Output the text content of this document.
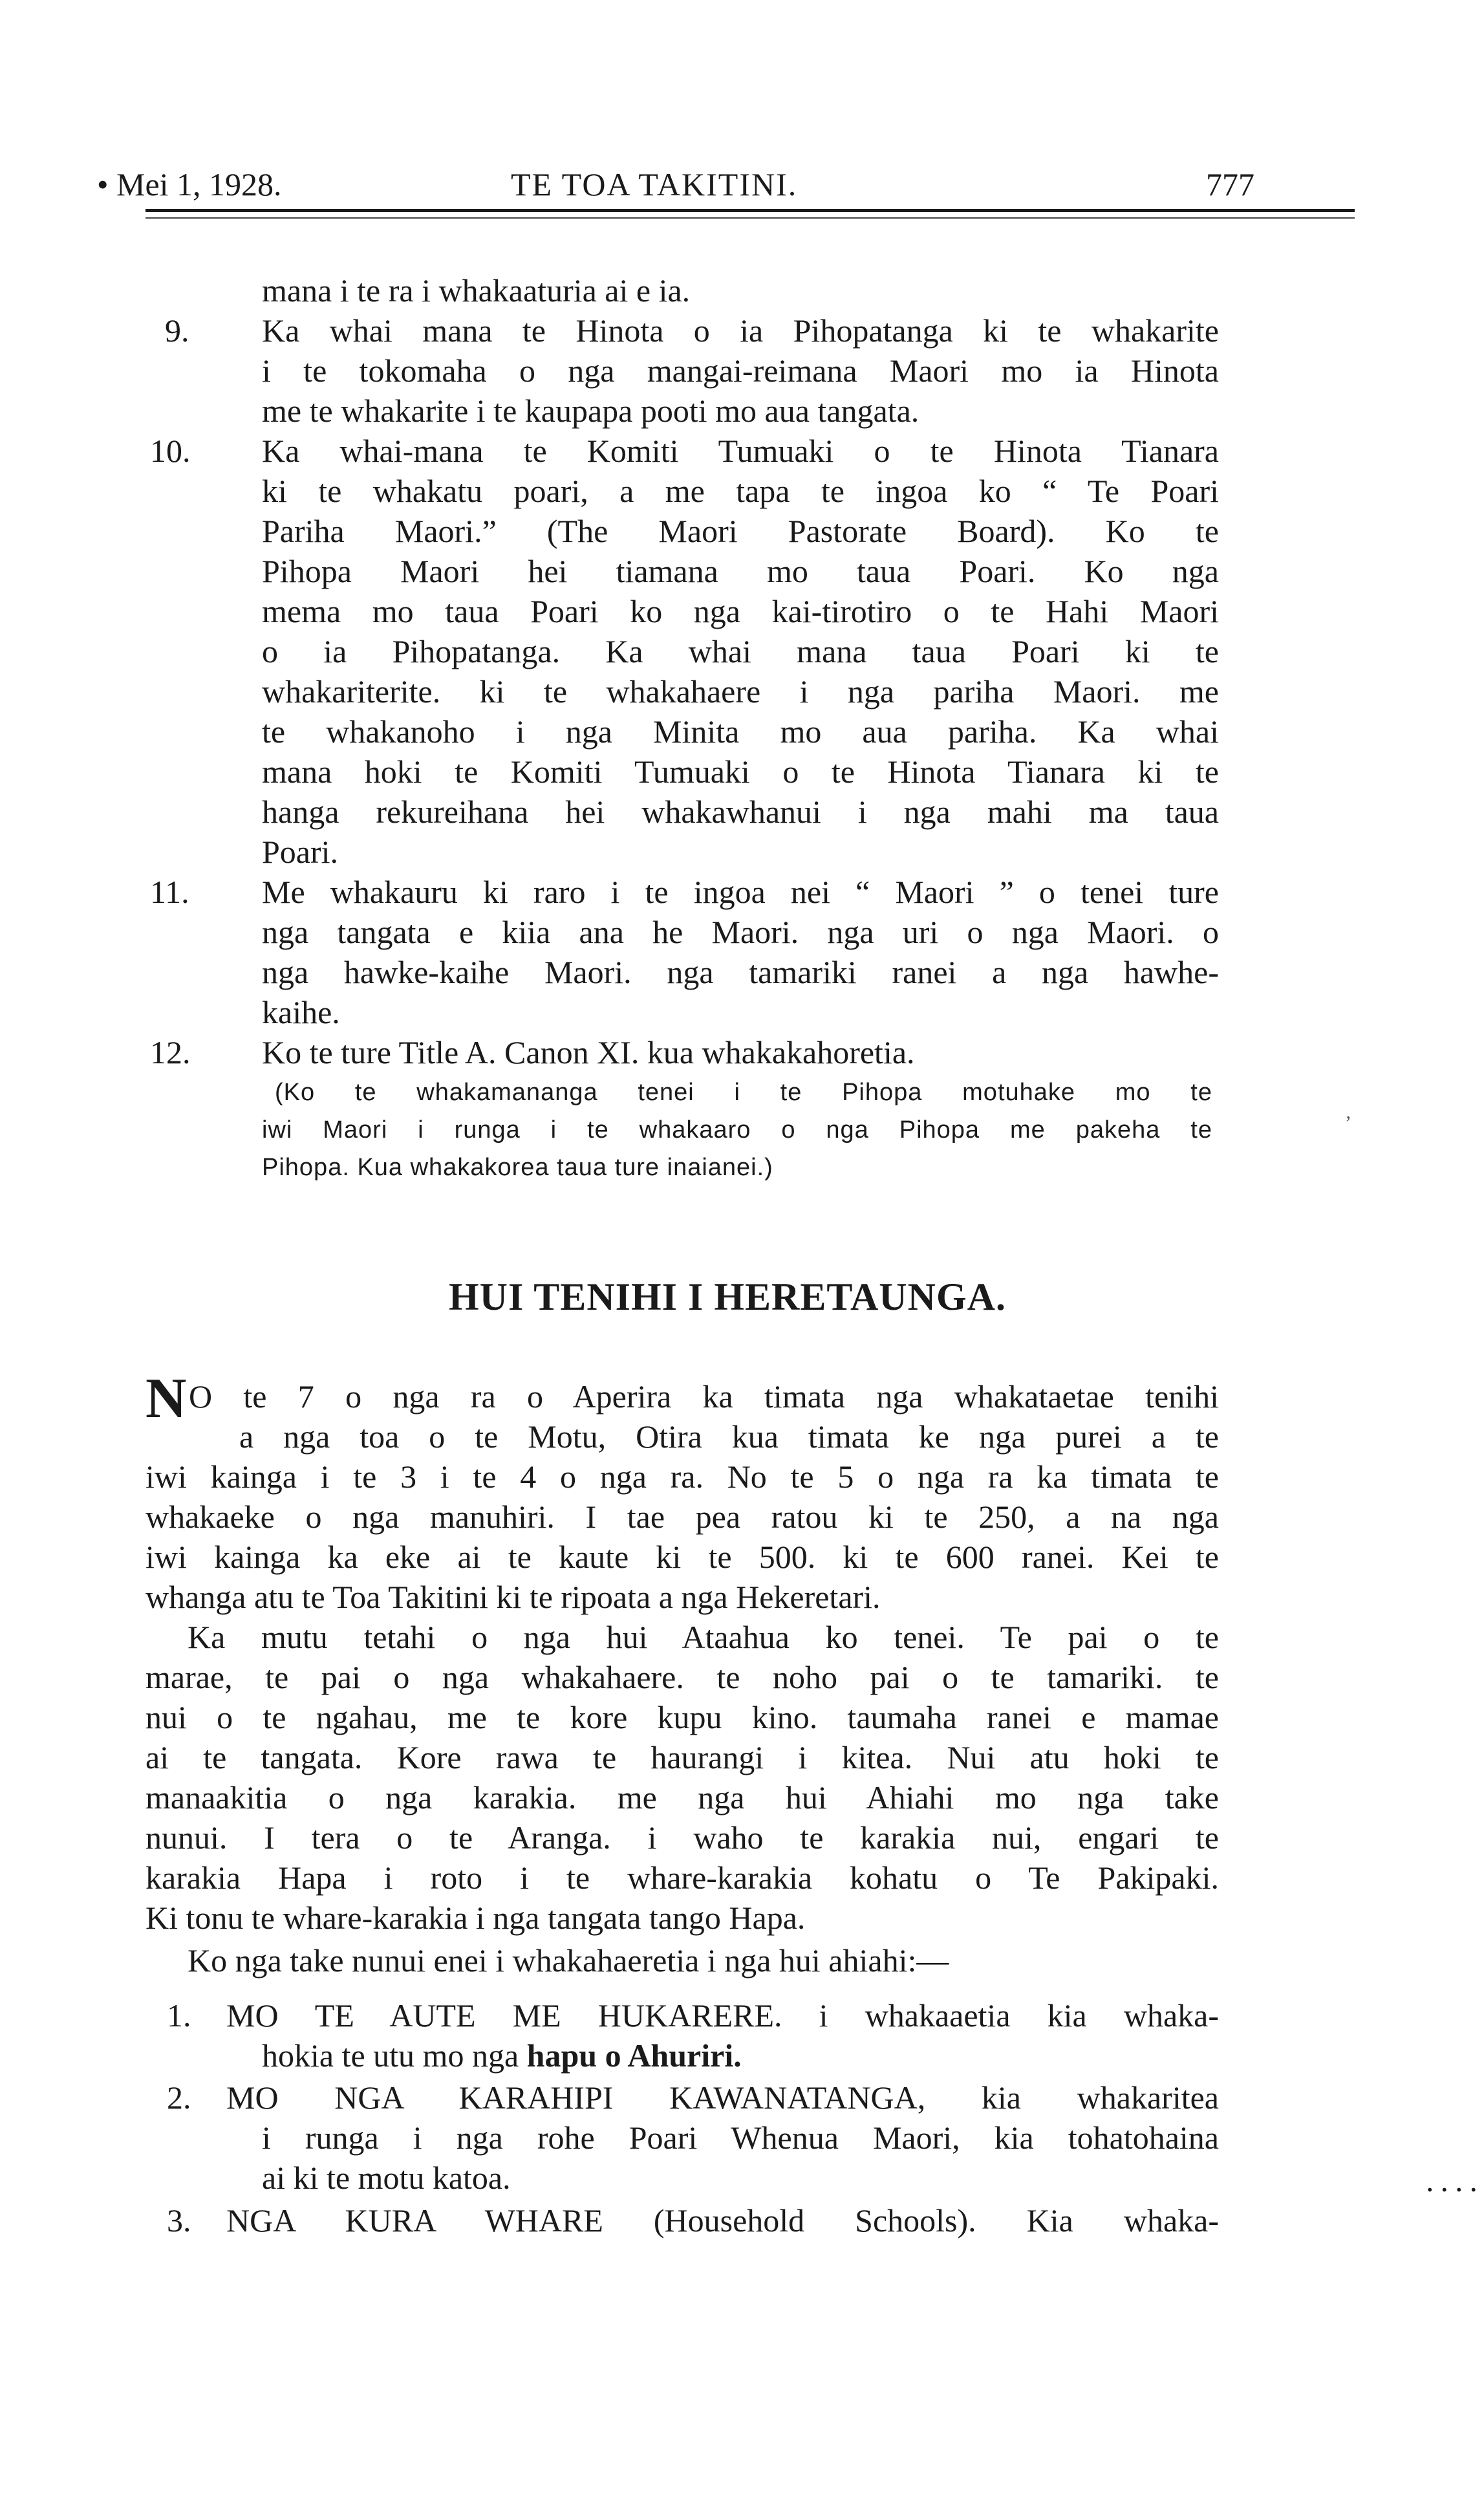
• Mei 1, 1928.	TE TOA TAKITINI.	777
mana i te ra i whakaaturia ai e ia.
9. Ka whai mana te Hinota o ia Pihopatanga ki te whakarite
i te tokomaha o nga mangai-reimana Maori mo ia Hinota
me te whakarite i te kaupapa pooti mo aua tangata.
10. Ka whai-mana te Komiti Tumuaki o te Hinota Tianara
ki te whakatu poari, a me tapa te ingoa ko “ Te Poari
Pariha Maori.” (The Maori Pastorate Board). Ko te
Pihopa Maori hei tiamana mo taua Poari. Ko nga
mema mo taua Poari ko nga kai-tirotiro o te Hahi Maori
o ia Pihopatanga. Ka whai mana taua Poari ki te
whakariterite. ki te whakahaere i nga pariha Maori. me
te whakanoho i nga Minita mo aua pariha. Ka whai
mana hoki te Komiti Tumuaki o te Hinota Tianara ki te
hanga rekureihana hei whakawhanui i nga mahi ma taua
Poari.
11. Me whakauru ki raro i te ingoa nei “ Maori ” o tenei ture
nga tangata e kiia ana he Maori. nga uri o nga Maori. o
nga hawke-kaihe Maori. nga tamariki ranei a nga hawhe-
kaihe.
12. Ko te ture Title A. Canon XI. kua whakakahoretia.
(Ko te whakamananga tenei i te Pihopa motuhake mo te
iwi Maori i runga i te whakaaro o nga Pihopa me pakeha te
Pihopa. Kua whakakorea taua ture inaianei.)
ʼ
HUI TENIHI I HERETAUNGA.
N O te 7 o nga ra o Aperira ka timata nga whakataetae tenihi
a nga toa o te Motu, Otira kua timata ke nga purei a te
iwi kainga i te 3 i te 4 o nga ra. No te 5 o nga ra ka timata te
whakaeke o nga manuhiri. I tae pea ratou ki te 250, a na nga
iwi kainga ka eke ai te kaute ki te 500. ki te 600 ranei. Kei te
whanga atu te Toa Takitini ki te ripoata a nga Hekeretari.
Ka mutu tetahi o nga hui Ataahua ko tenei. Te pai o te
marae, te pai o nga whakahaere. te noho pai o te tamariki. te
nui o te ngahau, me te kore kupu kino. taumaha ranei e mamae
ai te tangata. Kore rawa te haurangi i kitea. Nui atu hoki te
manaakitia o nga karakia. me nga hui Ahiahi mo nga take
nunui. I tera o te Aranga. i waho te karakia nui, engari te
karakia Hapa i roto i te whare-karakia kohatu o Te Pakipaki.
Ki tonu te whare-karakia i nga tangata tango Hapa.
Ko nga take nunui enei i whakahaeretia i nga hui ahiahi:—
1. MO TE AUTE ME HUKARERE. i whakaaetia kia whaka-
hokia te utu mo nga hapu o Ahuriri.
2. MO NGA KARAHIPI KAWANATANGA, kia whakaritea
i runga i nga rohe Poari Whenua Maori, kia tohatohaina
ai ki te motu katoa.	....
3. NGA KURA WHARE (Household Schools). Kia whaka-
